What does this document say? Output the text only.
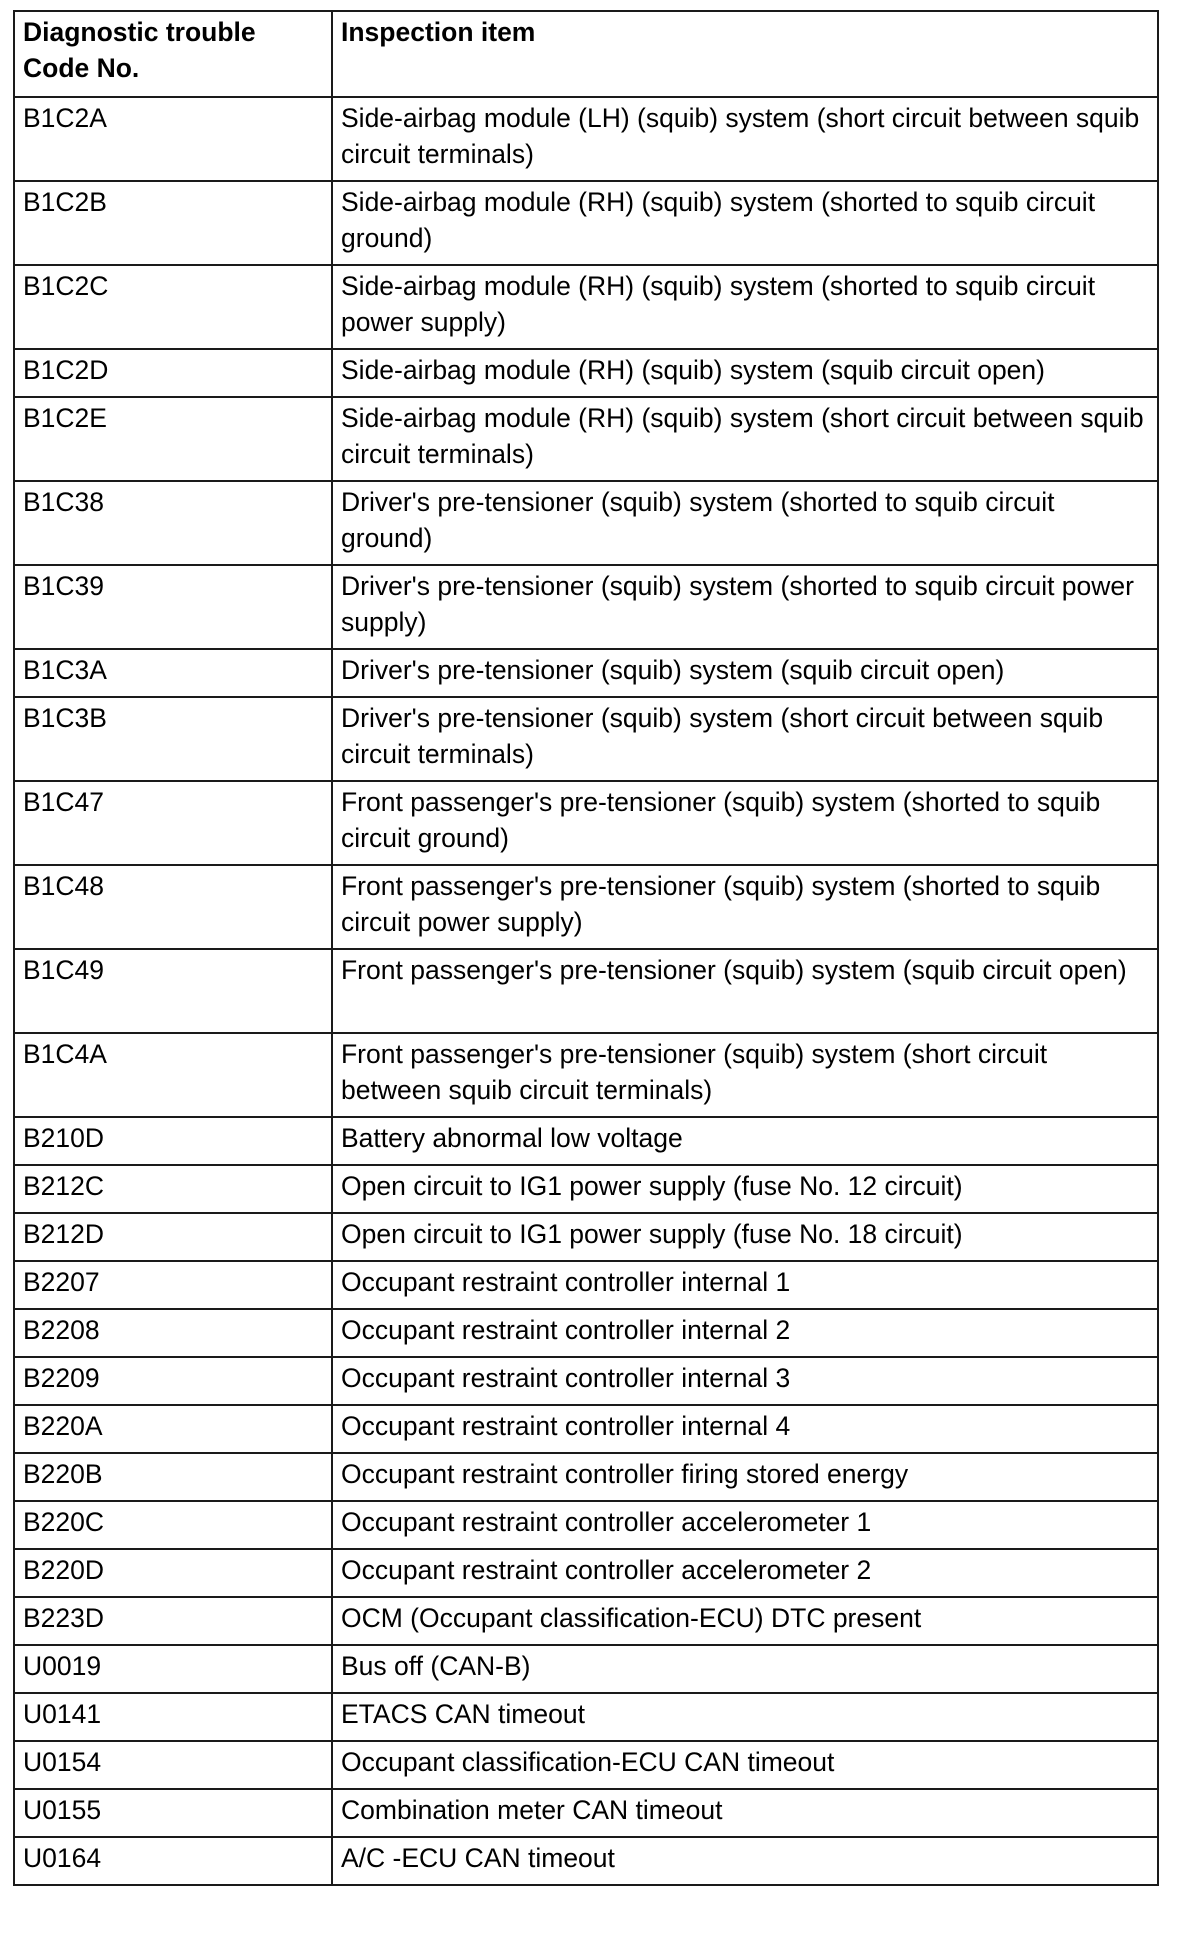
Diagnostic trouble Code No.	Inspection item
B1C2A	Side-airbag module (LH) (squib) system (short circuit between squib circuit terminals)
B1C2B	Side-airbag module (RH) (squib) system (shorted to squib circuit ground)
B1C2C	Side-airbag module (RH) (squib) system (shorted to squib circuit power supply)
B1C2D	Side-airbag module (RH) (squib) system (squib circuit open)
B1C2E	Side-airbag module (RH) (squib) system (short circuit between squib circuit terminals)
B1C38	Driver's pre-tensioner (squib) system (shorted to squib circuit ground)
B1C39	Driver's pre-tensioner (squib) system (shorted to squib circuit power supply)
B1C3A	Driver's pre-tensioner (squib) system (squib circuit open)
B1C3B	Driver's pre-tensioner (squib) system (short circuit between squib circuit terminals)
B1C47	Front passenger's pre-tensioner (squib) system (shorted to squib circuit ground)
B1C48	Front passenger's pre-tensioner (squib) system (shorted to squib circuit power supply)
B1C49	Front passenger's pre-tensioner (squib) system (squib circuit open)
B1C4A	Front passenger's pre-tensioner (squib) system (short circuit between squib circuit terminals)
B210D	Battery abnormal low voltage
B212C	Open circuit to IG1 power supply (fuse No. 12 circuit)
B212D	Open circuit to IG1 power supply (fuse No. 18 circuit)
B2207	Occupant restraint controller internal 1
B2208	Occupant restraint controller internal 2
B2209	Occupant restraint controller internal 3
B220A	Occupant restraint controller internal 4
B220B	Occupant restraint controller firing stored energy
B220C	Occupant restraint controller accelerometer 1
B220D	Occupant restraint controller accelerometer 2
B223D	OCM (Occupant classification-ECU) DTC present
U0019	Bus off (CAN-B)
U0141	ETACS CAN timeout
U0154	Occupant classification-ECU CAN timeout
U0155	Combination meter CAN timeout
U0164	A/C -ECU CAN timeout
